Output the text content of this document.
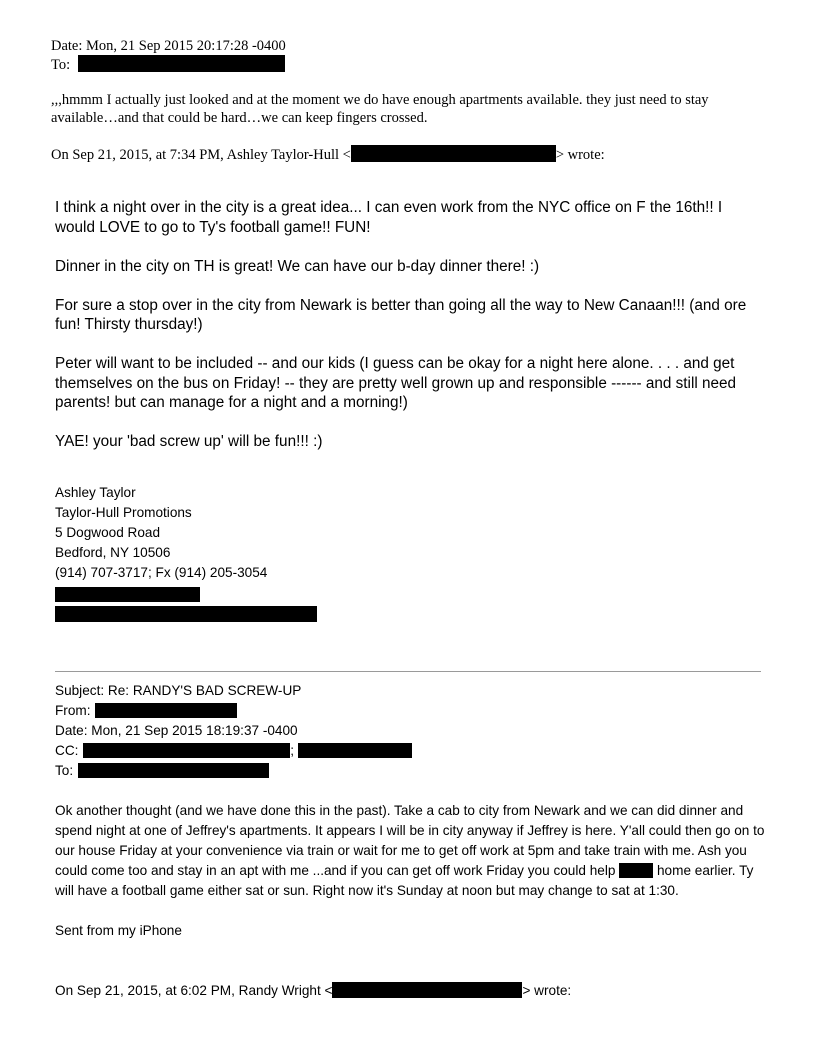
Date: Mon, 21 Sep 2015 20:17:28 -0400
To:

,,,hmmm I actually just looked and at the moment we do have enough apartments available. they just need to stay available…and that could be hard…we can keep fingers crossed.

On Sep 21, 2015, at 7:34 PM, Ashley Taylor-Hull <	> wrote:

I think a night over in the city is a great idea... I can even work from the NYC office on F the 16th!! I would LOVE to go to Ty's football game!! FUN!

Dinner in the city on TH is great! We can have our b-day dinner there! :)

For sure a stop over in the city from Newark is better than going all the way to New Canaan!!! (and ore fun! Thirsty thursday!)

Peter will want to be included -- and our kids (I guess can be okay for a night here alone. . . . and get themselves on the bus on Friday! -- they are pretty well grown up and responsible ------ and still need parents! but can manage for a night and a morning!)

YAE! your 'bad screw up' will be fun!!! :)

Ashley Taylor
Taylor-Hull Promotions
5 Dogwood Road
Bedford, NY 10506
(914) 707-3717; Fx (914) 205-3054
Subject: Re: RANDY'S BAD SCREW-UP
From:
Date: Mon, 21 Sep 2015 18:19:37 -0400
CC:	;
To:

Ok another thought (and we have done this in the past). Take a cab to city from Newark and we can did dinner and spend night at one of Jeffrey's apartments. It appears I will be in city anyway if Jeffrey is here. Y'all could then go on to our house Friday at your convenience via train or wait for me to get off work at 5pm and take train with me. Ash you could come too and stay in an apt with me ...and if you can get off work Friday you could help	home earlier. Ty will have a football game either sat or sun. Right now it's Sunday at noon but may change to sat at 1:30.

Sent from my iPhone

On Sep 21, 2015, at 6:02 PM, Randy Wright <	> wrote:
